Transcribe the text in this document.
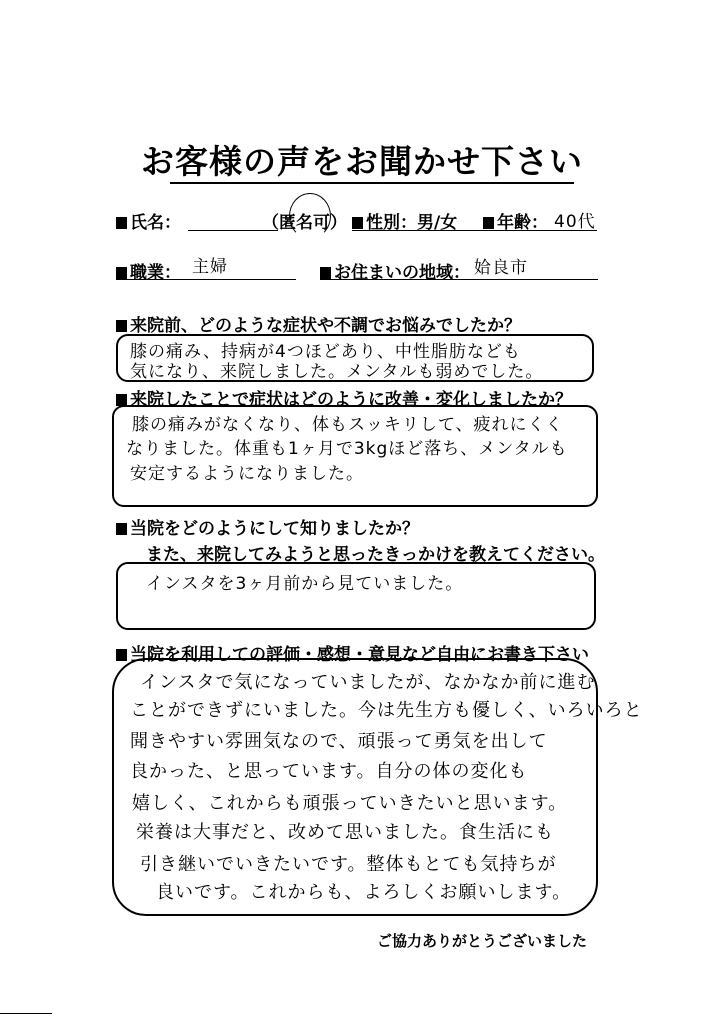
お客様の声をお聞かせ下さい
氏名：	（匿名可）	性別：男/女	年齢： 40代
職業： 主婦	お住まいの地域： 姶良市
来院前、どのような症状や不調でお悩みでしたか？
膝の痛み、持病が4つほどあり、中性脂肪なども
気になり、来院しました。メンタルも弱めでした。
来院したことで症状はどのように改善・変化しましたか？
膝の痛みがなくなり、体もスッキリして、疲れにくく
なりました。体重も1ヶ月で3kgほど落ち、メンタルも
安定するようになりました。
当院をどのようにして知りましたか？
また、来院してみようと思ったきっかけを教えてください。
インスタを3ヶ月前から見ていました。
当院を利用しての評価・感想・意見など自由にお書き下さい
インスタで気になっていましたが、なかなか前に進む
ことができずにいました。今は先生方も優しく、いろいろと
聞きやすい雰囲気なので、頑張って勇気を出して
良かった、と思っています。自分の体の変化も
嬉しく、これからも頑張っていきたいと思います。
栄養は大事だと、改めて思いました。食生活にも
引き継いでいきたいです。整体もとても気持ちが
良いです。これからも、よろしくお願いします。
ご協力ありがとうございました
